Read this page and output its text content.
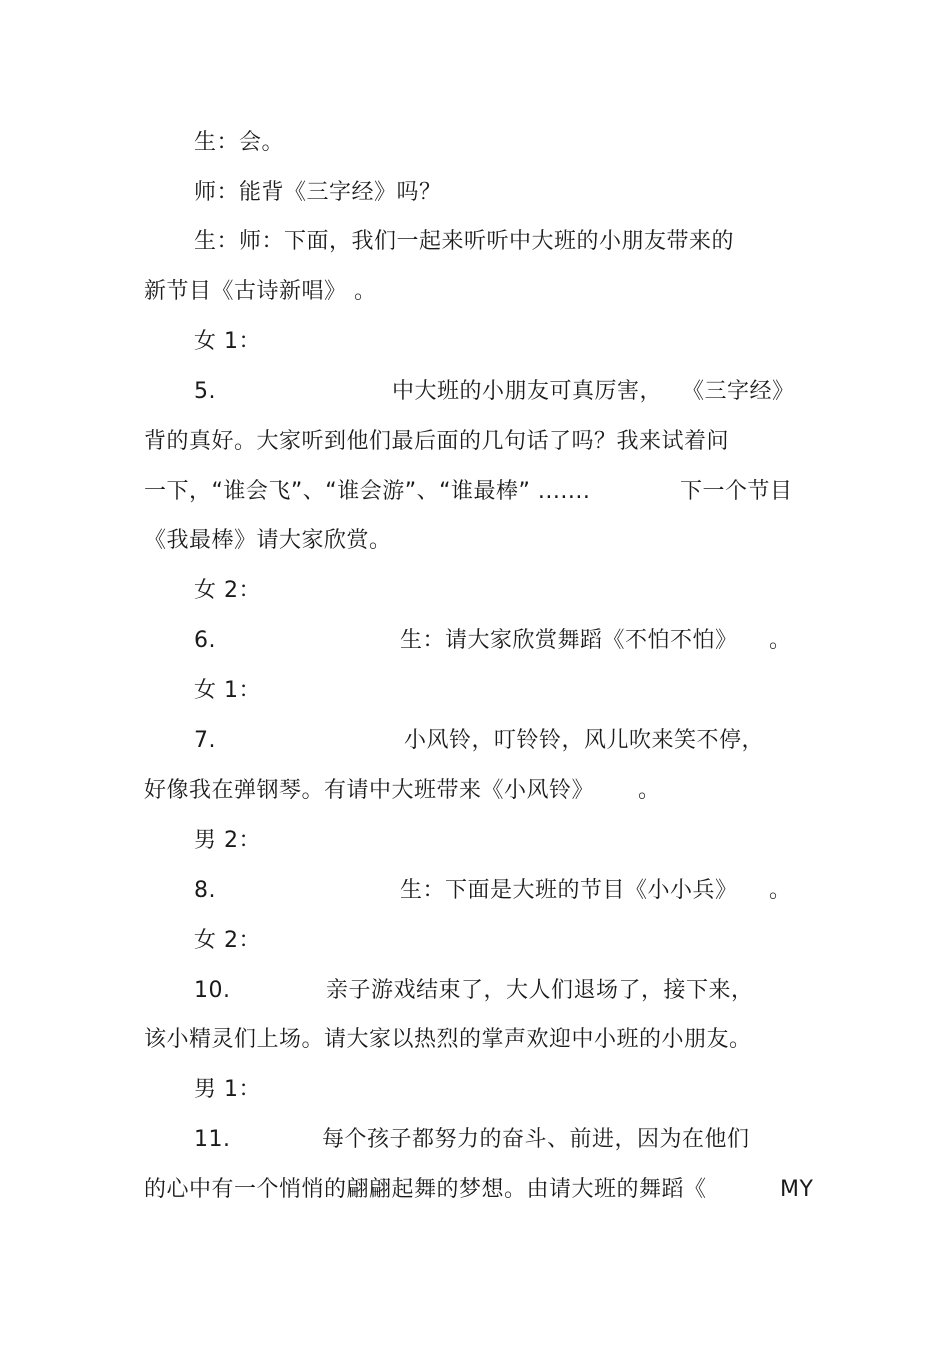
生：会。
师：能背《三字经》吗？
生：师：下面，我们一起来听听中大班的小朋友带来的
新节目《古诗新唱》 。
女 1：
5.	中大班的小朋友可真厉害， 《三字经》
背的真好。大家听到他们最后面的几句话了吗？我来试着问
一下，“谁会飞”、“谁会游”、“谁最棒” .......	下一个节目
《我最棒》请大家欣赏。
女 2：
6.	生：请大家欣赏舞蹈《不怕不怕》 。
女 1：
7.	小风铃，叮铃铃，风儿吹来笑不停，
好像我在弹钢琴。有请中大班带来《小风铃》 。
男 2：
8.	生：下面是大班的节目《小小兵》 。
女 2：
10.	亲子游戏结束了，大人们退场了，接下来，
该小精灵们上场。请大家以热烈的掌声欢迎中小班的小朋友。
男 1：
11.	每个孩子都努力的奋斗、前进，因为在他们
的心中有一个悄悄的翩翩起舞的梦想。由请大班的舞蹈《	MY
